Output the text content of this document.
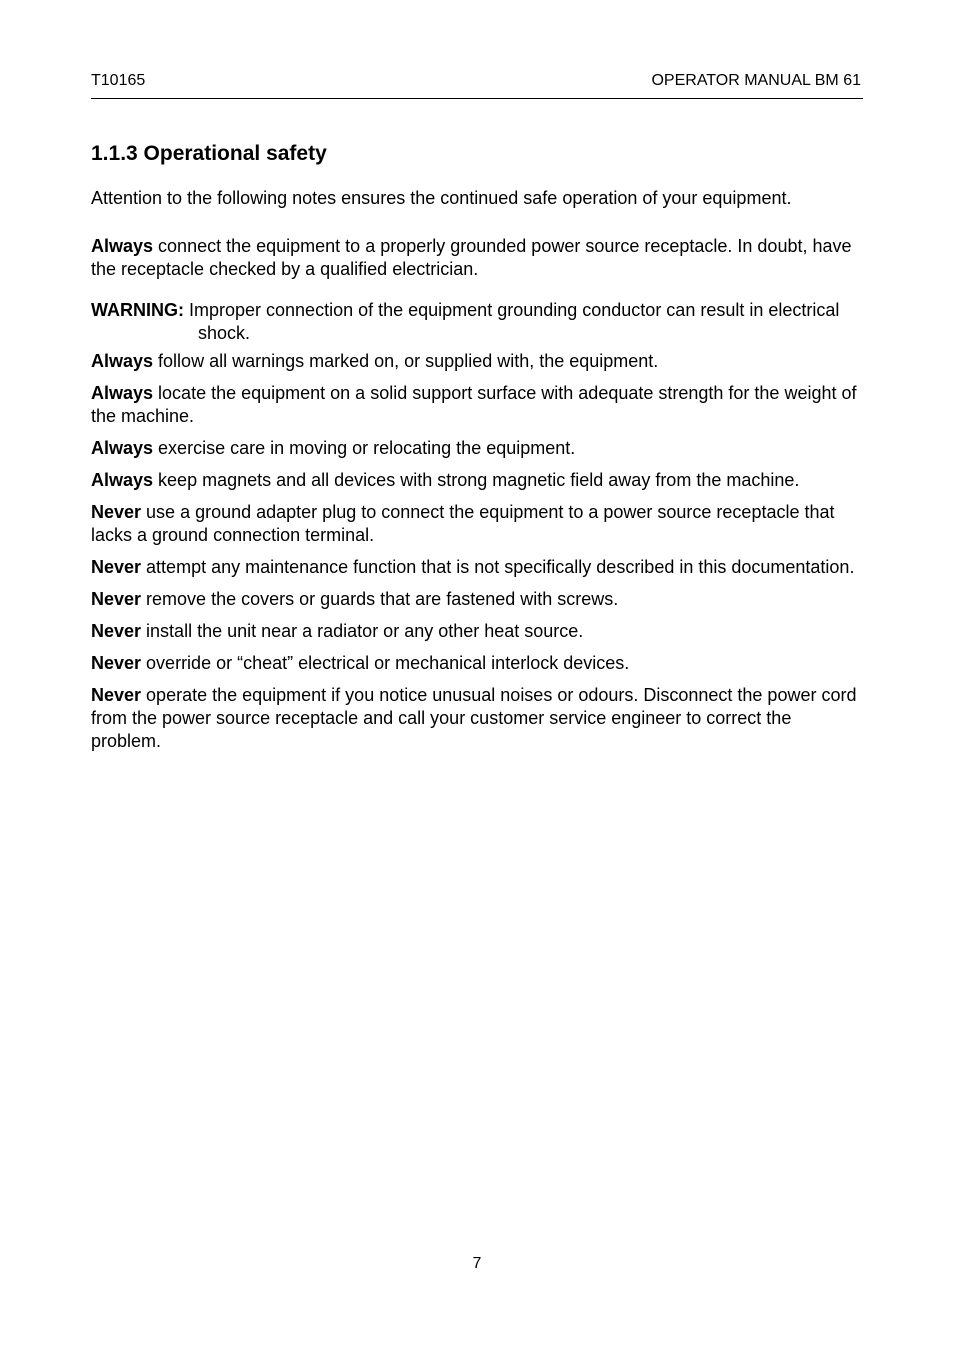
T10165	OPERATOR MANUAL BM 61
1.1.3 Operational safety

Attention to the following notes ensures the continued safe operation of your equipment.

Always connect the equipment to a properly grounded power source receptacle. In doubt, have the receptacle checked by a qualified electrician.

WARNING: Improper connection of the equipment grounding conductor can result in electrical shock.

Always follow all warnings marked on, or supplied with, the equipment.

Always locate the equipment on a solid support surface with adequate strength for the weight of the machine.

Always exercise care in moving or relocating the equipment.

Always keep magnets and all devices with strong magnetic field away from the machine.

Never use a ground adapter plug to connect the equipment to a power source receptacle that lacks a ground connection terminal.

Never attempt any maintenance function that is not specifically described in this documentation.

Never remove the covers or guards that are fastened with screws.

Never install the unit near a radiator or any other heat source.

Never override or “cheat” electrical or mechanical interlock devices.

Never operate the equipment if you notice unusual noises or odours. Disconnect the power cord from the power source receptacle and call your customer service engineer to correct the problem.

7
